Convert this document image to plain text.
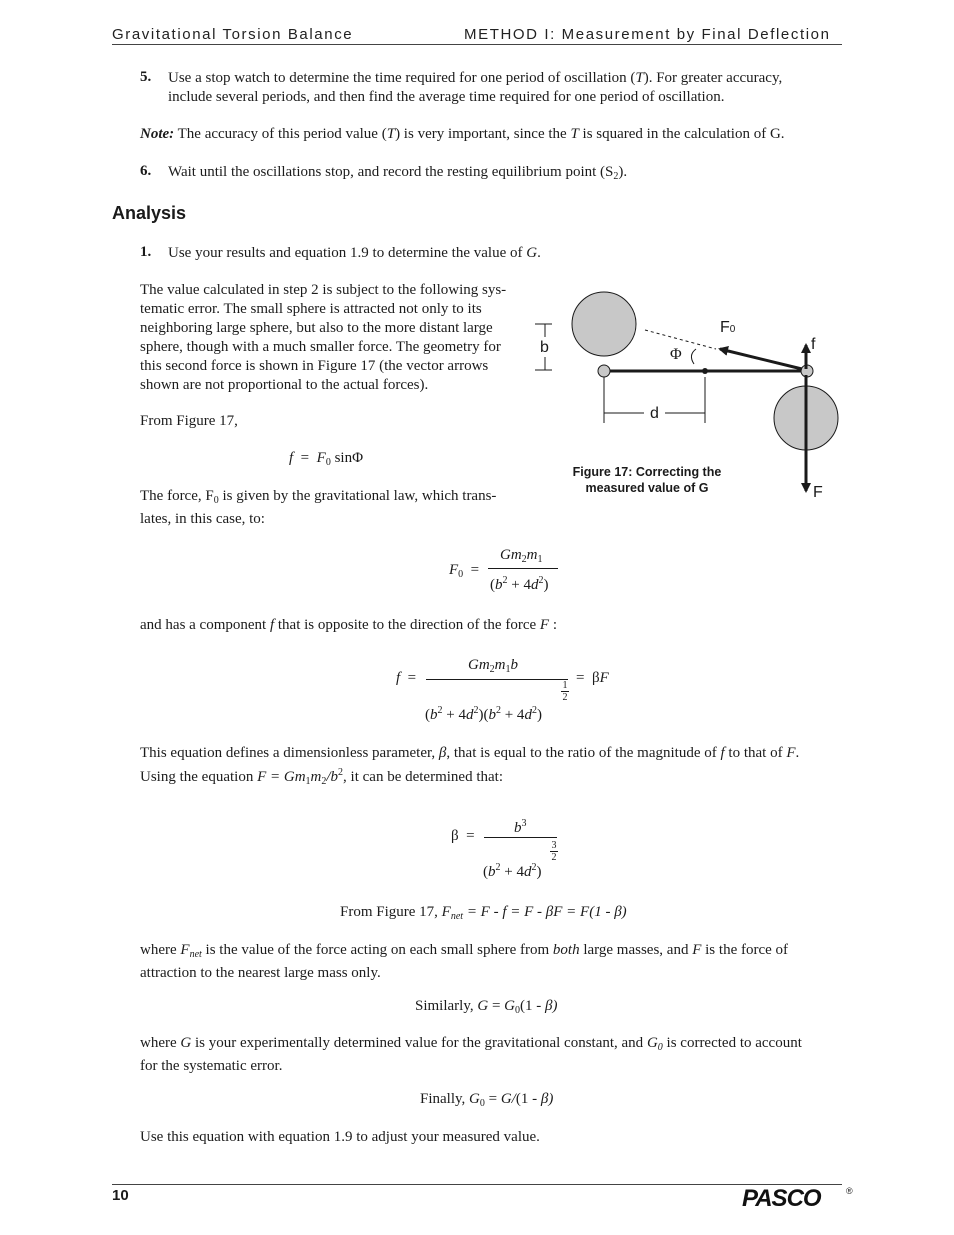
Gravitational Torsion Balance	METHOD I: Measurement by Final Deflection
5. Use a stop watch to determine the time required for one period of oscillation (T). For greater accuracy,
include several periods, and then find the average time required for one period of oscillation.
Note: The accuracy of this period value (T) is very important, since the T is squared in the calculation of G.
6. Wait until the oscillations stop, and record the resting equilibrium point $(S_2)$.
Analysis
1. Use your results and equation 1.9 to determine the value of G.
The value calculated in step 2 is subject to the following sys-
tematic error. The small sphere is attracted not only to its
neighboring large sphere, but also to the more distant large
sphere, though with a much smaller force. The geometry for
this second force is shown in Figure 17 (the vector arrows
shown are not proportional to the actual forces).
From Figure 17,
$f = F_0$ sinΦ
The force, $F_0$ is given by the gravitational law, which trans-
lates, in this case, to:
b
d
Φ
F0
f
F
Figure 17: Correcting the
measured value of G
$F_0$ =
$Gm_2m_1$
$(b^2 + 4d^2)$
and has a component f that is opposite to the direction of the force F :
f =
$Gm_2m_1b$
$(b^2 + 4d^2)(b^2 + 4d^2)$
1
2
= βF
This equation defines a dimensionless parameter, β, that is equal to the ratio of the magnitude of f to that of F.
Using the equation $F = Gm_1m_2/b^2$, it can be determined that:
β =	$b^3$
$(b^2 + 4d^2)$
3
2
From Figure 17, $F_{net} = F - f = F - \beta F = F(1 - \beta)$
where $F_{net}$ is the value of the force acting on each small sphere from both large masses, and F is the force of
attraction to the nearest large mass only.
Similarly, $G = G_0(1 - \beta)$
where G is your experimentally determined value for the gravitational constant, and $G_0$ is corrected to account
for the systematic error.
Finally, $G_0 = G/(1 - \beta)$
Use this equation with equation 1.9 to adjust your measured value.
10	PASCO	®
